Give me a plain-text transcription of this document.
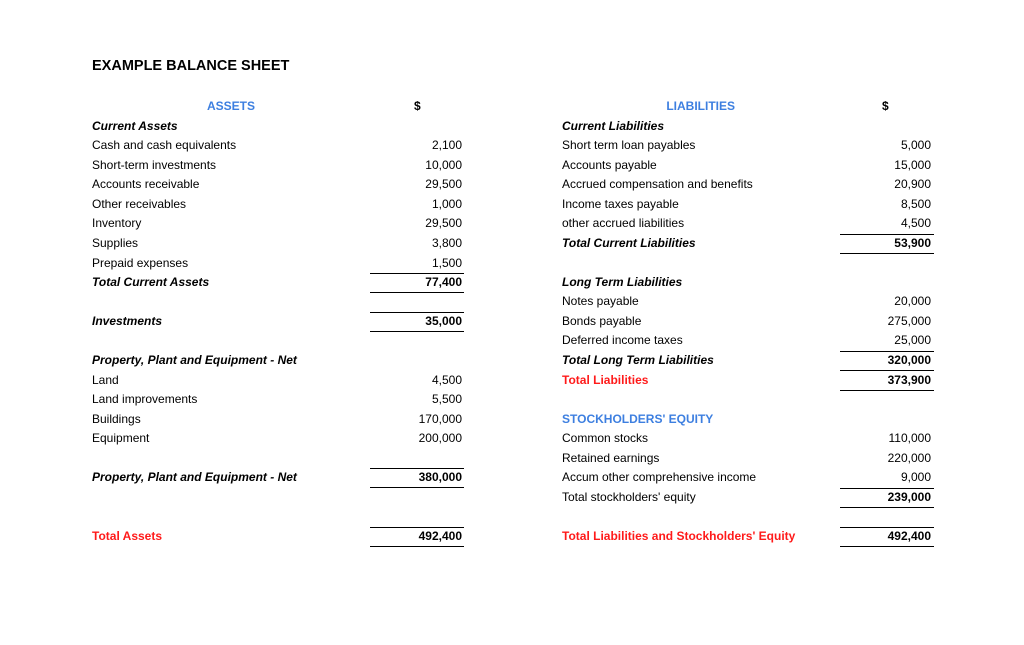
EXAMPLE BALANCE SHEET
ASSETS	$
Current Assets
Cash and cash equivalents	2,100
Short-term investments	10,000
Accounts receivable	29,500
Other receivables	1,000
Inventory	29,500
Supplies	3,800
Prepaid expenses	1,500
Total Current Assets	77,400
Investments	35,000
Property, Plant and Equipment - Net
Land	4,500
Land improvements	5,500
Buildings	170,000
Equipment	200,000
Property, Plant and Equipment - Net	380,000
Total Assets	492,400
LIABILITIES	$
Current Liabilities
Short term loan payables	5,000
Accounts payable	15,000
Accrued compensation and benefits	20,900
Income taxes payable	8,500
other accrued liabilities	4,500
Total Current Liabilities	53,900
Long Term Liabilities
Notes payable	20,000
Bonds payable	275,000
Deferred income taxes	25,000
Total Long Term Liabilities	320,000
Total Liabilities	373,900
STOCKHOLDERS' EQUITY
Common stocks	110,000
Retained earnings	220,000
Accum other comprehensive income	9,000
Total stockholders' equity	239,000
Total Liabilities and Stockholders' Equity	492,400
